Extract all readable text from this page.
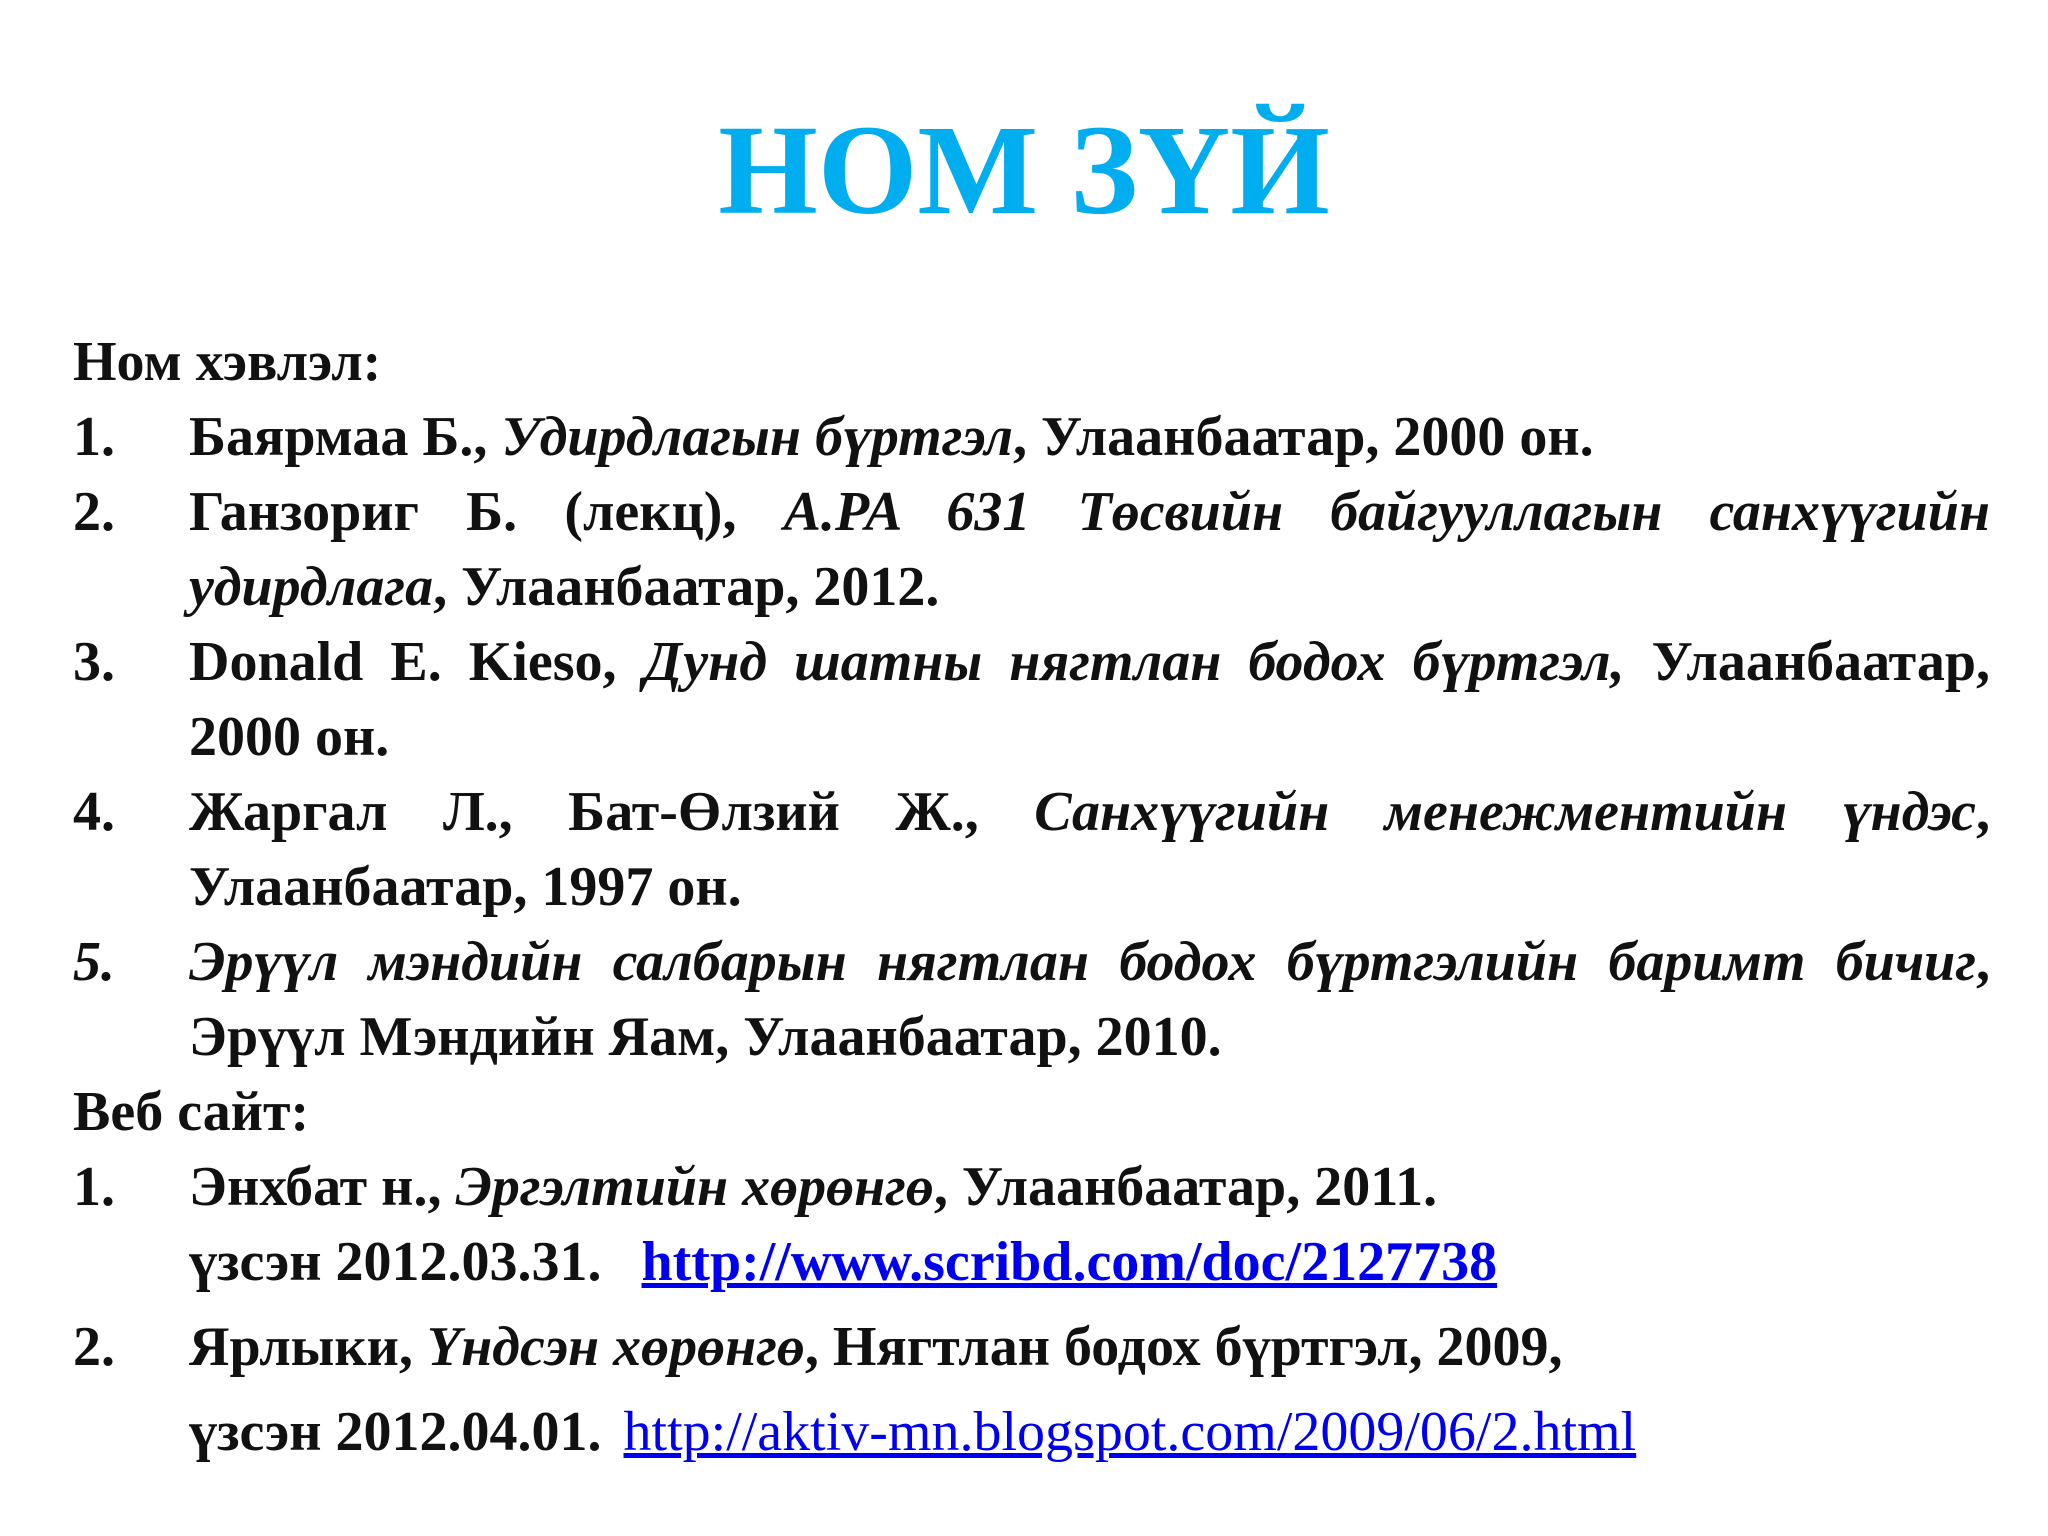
НОМ ЗҮЙ
Ном хэвлэл:
1.	Баярмаа Б., Удирдлагын бүртгэл, Улаанбаатар, 2000 он.
2.	Ганзориг Б. (лекц), A.PA 631 Төсвийн байгууллагын санхүүгийн удирдлага, Улаанбаатар, 2012.
3.	Donald E. Kieso, Дунд шатны нягтлан бодох бүртгэл, Улаанбаатар, 2000 он.
4.	Жаргал Л., Бат-Өлзий Ж., Санхүүгийн менежментийн үндэс, Улаанбаатар, 1997 он.
5.	Эрүүл мэндийн салбарын нягтлан бодох бүртгэлийн баримт бичиг, Эрүүл Мэндийн Яам, Улаанбаатар, 2010.
Веб сайт:
1.	Энхбат н., Эргэлтийн хөрөнгө, Улаанбаатар, 2011.
үзсэн 2012.03.31. http://www.scribd.com/doc/2127738
2.	Ярлыки, Үндсэн хөрөнгө, Нягтлан бодох бүртгэл, 2009,
үзсэн 2012.04.01. http://aktiv-mn.blogspot.com/2009/06/2.html
